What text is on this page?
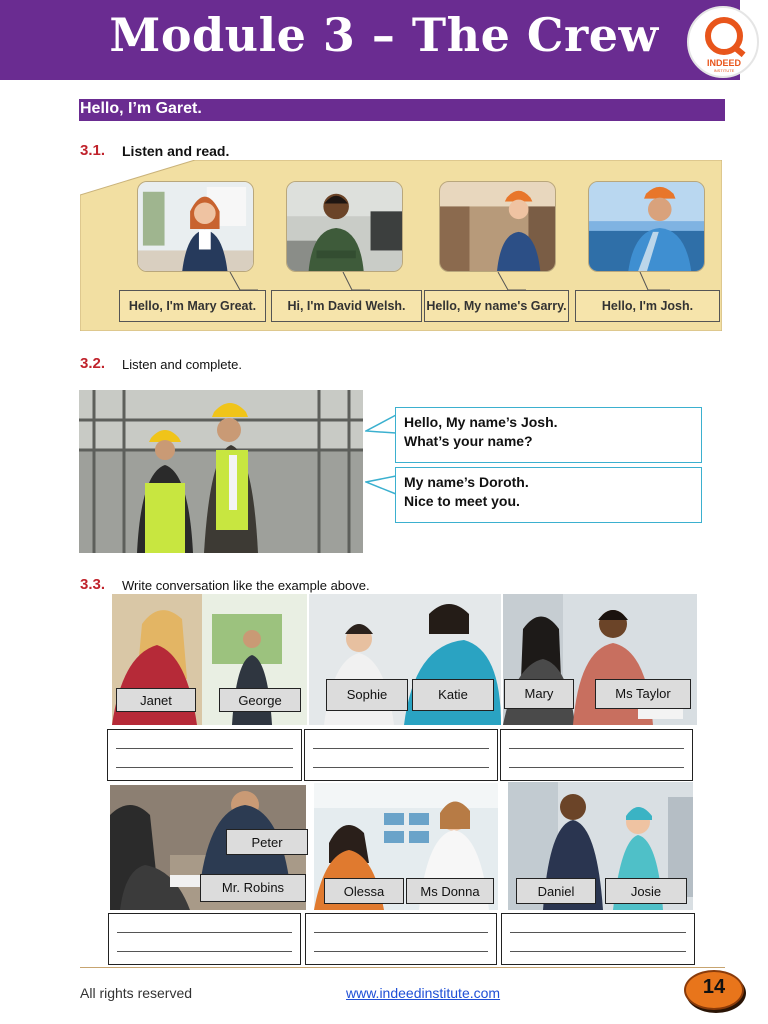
Module 3 – The Crew
INDEED
INSTITUTE
Hello, I’m Garet.
3.1. Listen and read.
Hello, I'm Mary Great.	Hi, I'm David Welsh.	Hello, My name's Garry.	Hello, I'm Josh.
3.2. Listen and complete.
Hello, My name’s Josh.
What’s your name?
My name’s Doroth.
Nice to meet you.
3.3. Write conversation like the example above.
Janet	George	Sophie	Katie	Mary	Ms Taylor
Peter
Mr. Robins	Olessa	Ms Donna	Daniel	Josie
All rights reserved	www.indeedinstitute.com	14
